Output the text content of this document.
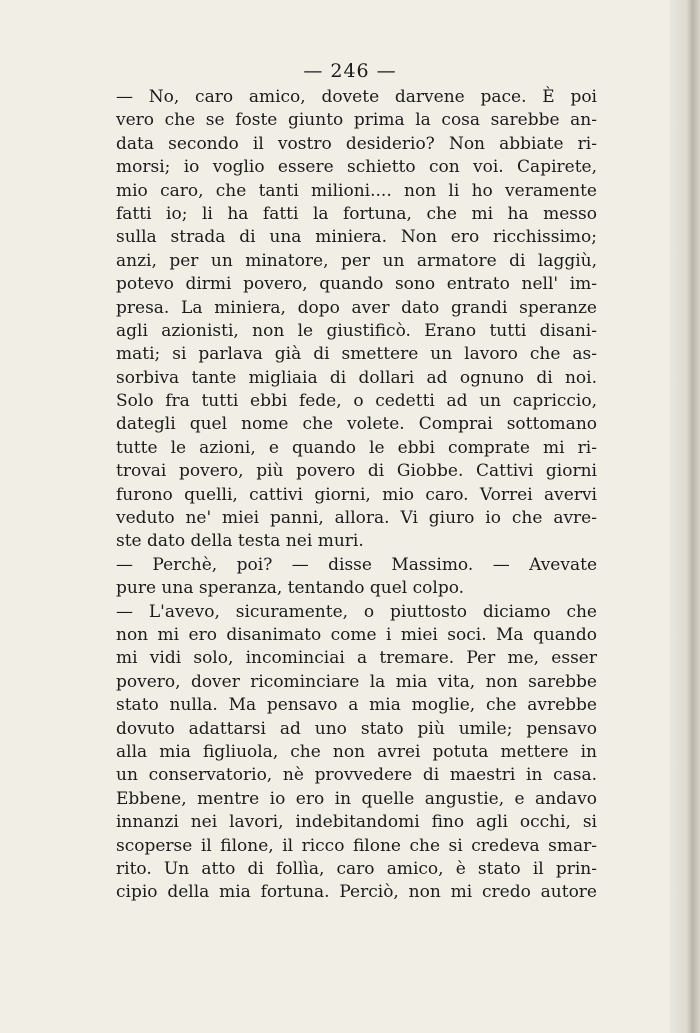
— 246 —
— No, caro amico, dovete darvene pace. È poi
vero che se foste giunto prima la cosa sarebbe an-
data secondo il vostro desiderio? Non abbiate ri-
morsi; io voglio essere schietto con voi. Capirete,
mio caro, che tanti milioni.... non li ho veramente
fatti io; li ha fatti la fortuna, che mi ha messo
sulla strada di una miniera. Non ero ricchissimo;
anzi, per un minatore, per un armatore di laggiù,
potevo dirmi povero, quando sono entrato nell' im-
presa. La miniera, dopo aver dato grandi speranze
agli azionisti, non le giustificò. Erano tutti disani-
mati; si parlava già di smettere un lavoro che as-
sorbiva tante migliaia di dollari ad ognuno di noi.
Solo fra tutti ebbi fede, o cedetti ad un capriccio,
dategli quel nome che volete. Comprai sottomano
tutte le azioni, e quando le ebbi comprate mi ri-
trovai povero, più povero di Giobbe. Cattivi giorni
furono quelli, cattivi giorni, mio caro. Vorrei avervi
veduto ne' miei panni, allora. Vi giuro io che avre-
ste dato della testa nei muri.
— Perchè, poi? — disse Massimo. — Avevate
pure una speranza, tentando quel colpo.
— L'avevo, sicuramente, o piuttosto diciamo che
non mi ero disanimato come i miei soci. Ma quando
mi vidi solo, incominciai a tremare. Per me, esser
povero, dover ricominciare la mia vita, non sarebbe
stato nulla. Ma pensavo a mia moglie, che avrebbe
dovuto adattarsi ad uno stato più umile; pensavo
alla mia figliuola, che non avrei potuta mettere in
un conservatorio, nè provvedere di maestri in casa.
Ebbene, mentre io ero in quelle angustie, e andavo
innanzi nei lavori, indebitandomi fino agli occhi, si
scoperse il filone, il ricco filone che si credeva smar-
rito. Un atto di follìa, caro amico, è stato il prin-
cipio della mia fortuna. Perciò, non mi credo autore
